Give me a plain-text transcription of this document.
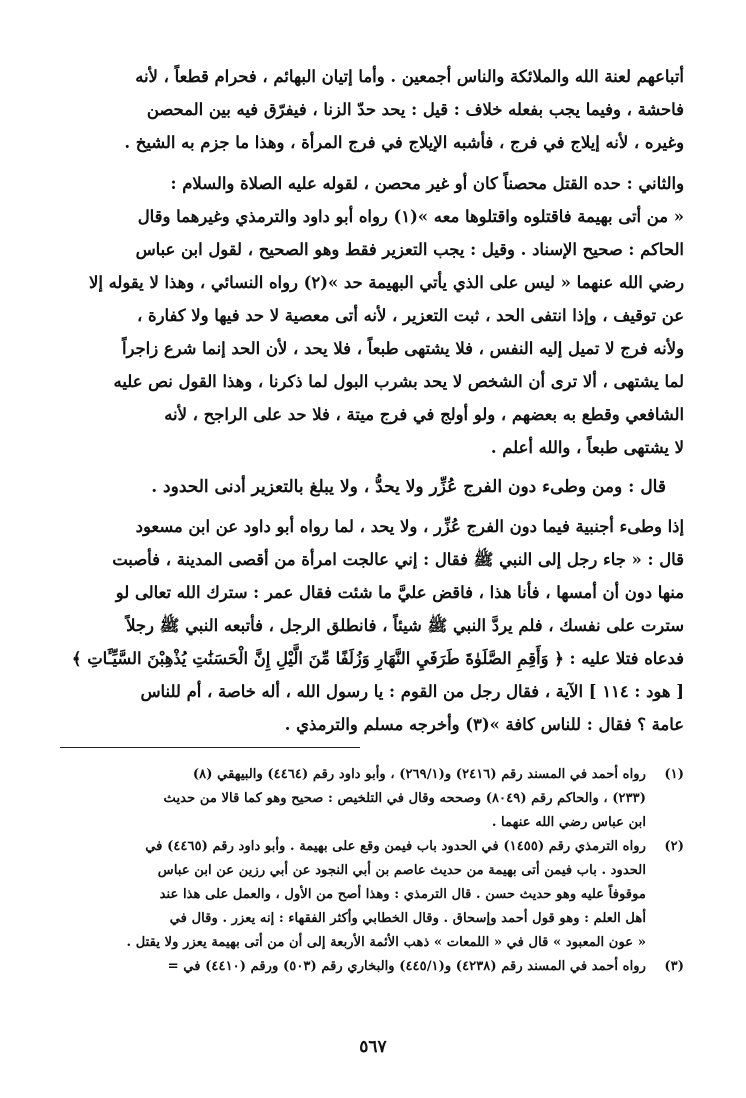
أتباعهم لعنة الله والملائكة والناس أجمعين . وأما إتيان البهائم ، فحرام قطعاً ، لأنه
فاحشة ، وفيما يجب بفعله خلاف : قيل : يحد حدّ الزنا ، فيفرّق فيه بين المحصن
وغيره ، لأنه إيلاج في فرج ، فأشبه الإيلاج في فرج المرأة ، وهذا ما جزم به الشيخ .
والثاني : حده القتل محصناً كان أو غير محصن ، لقوله عليه الصلاة والسلام :
« من أتى بهيمة فاقتلوه واقتلوها معه »(١) رواه أبو داود والترمذي وغيرهما وقال
الحاكم : صحيح الإسناد . وقيل : يجب التعزير فقط وهو الصحيح ، لقول ابن عباس
رضي الله عنهما « ليس على الذي يأتي البهيمة حد »(٢) رواه النسائي ، وهذا لا يقوله إلا
عن توقيف ، وإذا انتفى الحد ، ثبت التعزير ، لأنه أتى معصية لا حد فيها ولا كفارة ،
ولأنه فرج لا تميل إليه النفس ، فلا يشتهى طبعاً ، فلا يحد ، لأن الحد إنما شرع زاجراً
لما يشتهى ، ألا ترى أن الشخص لا يحد بشرب البول لما ذكرنا ، وهذا القول نص عليه
الشافعي وقطع به بعضهم ، ولو أولج في فرج ميتة ، فلا حد على الراجح ، لأنه
لا يشتهى طبعاً ، والله أعلم .
قال : ومن وطىء دون الفرج عُزِّر ولا يحدُّ ، ولا يبلغ بالتعزير أدنى الحدود .
إذا وطىء أجنبية فيما دون الفرج عُزِّر ، ولا يحد ، لما رواه أبو داود عن ابن مسعود
قال : « جاء رجل إلى النبي ﷺ فقال : إني عالجت امرأة من أقصى المدينة ، فأصبت
منها دون أن أمسها ، فأنا هذا ، فاقض عليَّ ما شئت فقال عمر : سترك الله تعالى لو
سترت على نفسك ، فلم يردَّ النبي ﷺ شيئاً ، فانطلق الرجل ، فأتبعه النبي ﷺ رجلاً
فدعاه فتلا عليه : ﴿ وَأَقِمِ الصَّلَوٰةَ طَرَفَيِ النَّهَارِ وَزُلَفًا مِّنَ الَّيْلِ إِنَّ الْحَسَنَٰتِ يُذْهِبْنَ السَّيِّـَٔاتِ ﴾
[ هود : ١١٤ ] الآية ، فقال رجل من القوم : يا رسول الله ، أله خاصة ، أم للناس
عامة ؟ فقال : للناس كافة »(٣) وأخرجه مسلم والترمذي .
(١)
رواه أحمد في المسند رقم (٢٤١٦) و(٢٦٩/١) ، وأبو داود رقم (٤٤٦٤) والبيهقي (٨)
(٢٣٣) ، والحاكم رقم (٨٠٤٩) وصححه وقال في التلخيص : صحيح وهو كما قالا من حديث
ابن عباس رضي الله عنهما .
(٢)
رواه الترمذي رقم (١٤٥٥) في الحدود باب فيمن وقع على بهيمة . وأبو داود رقم (٤٤٦٥) في
الحدود . باب فيمن أتى بهيمة من حديث عاصم بن أبي النجود عن أبي رزين عن ابن عباس
موقوفاً عليه وهو حديث حسن . قال الترمذي : وهذا أصح من الأول ، والعمل على هذا عند
أهل العلم : وهو قول أحمد وإسحاق . وقال الخطابي وأكثر الفقهاء : إنه يعزر . وقال في
« عون المعبود » قال في « اللمعات » ذهب الأئمة الأربعة إلى أن من أتى بهيمة يعزر ولا يقتل .
(٣)
رواه أحمد في المسند رقم (٤٢٣٨) و(٤٤٥/١) والبخاري رقم (٥٠٣) ورقم (٤٤١٠) في =
٥٦٧
